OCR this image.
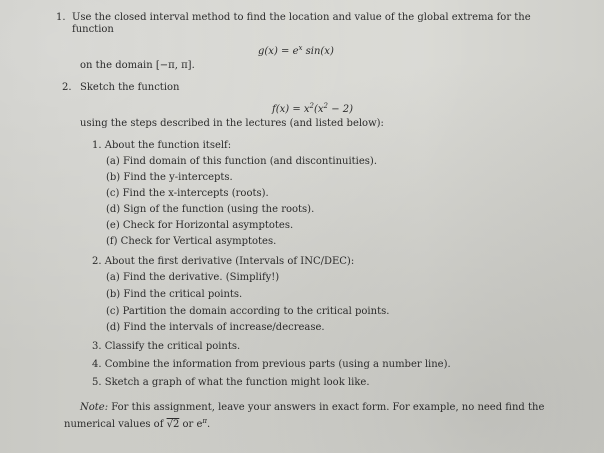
1. Use the closed interval method to find the location and value of the global extrema for the
function
$g(x) = e^x$ sin(x)
on the domain [−π, π].
2. Sketch the function
$f(x) = x^2(x^2 - 2)$
using the steps described in the lectures (and listed below):
1. About the function itself:
(a) Find domain of this function (and discontinuities).
(b) Find the y-intercepts.
(c) Find the x-intercepts (roots).
(d) Sign of the function (using the roots).
(e) Check for Horizontal asymptotes.
(f) Check for Vertical asymptotes.
2. About the first derivative (Intervals of INC/DEC):
(a) Find the derivative. (Simplify!)
(b) Find the critical points.
(c) Partition the domain according to the critical points.
(d) Find the intervals of increase/decrease.
3. Classify the critical points.
4. Combine the information from previous parts (using a number line).
5. Sketch a graph of what the function might look like.
Note: For this assignment, leave your answers in exact form. For example, no need find the
numerical values of √2 or $e^\pi$.
